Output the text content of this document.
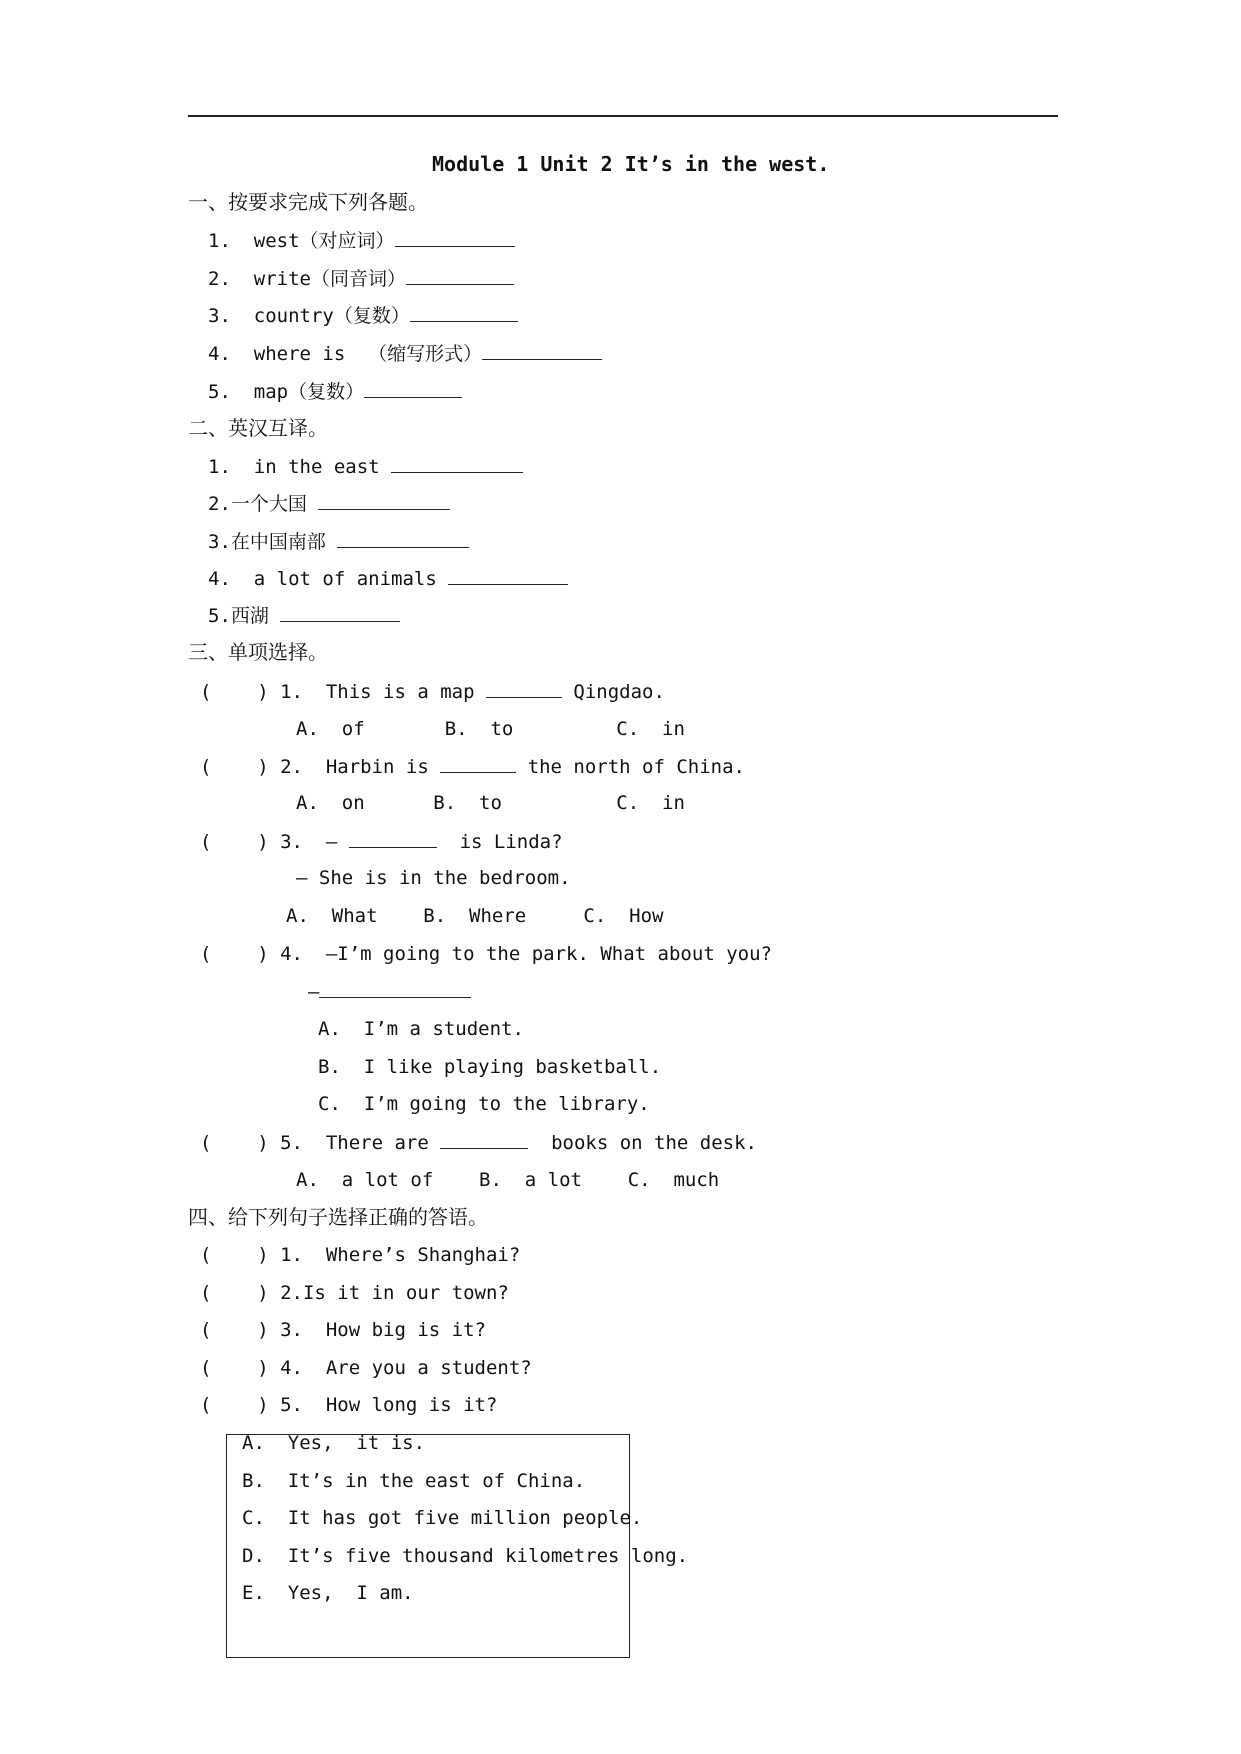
Module 1 Unit 2 It’s in the west.
一、按要求完成下列各题。
1.  west（对应词）
2.  write（同音词）
3.  country（复数）
4.  where is  （缩写形式）
5.  map（复数）
二、英汉互译。
1.  in the east
2.一个大国
3.在中国南部
4.  a lot of animals
5.西湖
三、单项选择。
(    ) 1.  This is a map	Qingdao.
A.  of       B.  to         C.  in
(    ) 2.  Harbin is	the north of China.
A.  on      B.  to          C.  in
(    ) 3.  —	is Linda?
— She is in the bedroom.
A.  What    B.  Where     C.  How
(    ) 4.  —I’m going to the park. What about you?
—
A.  I’m a student.
B.  I like playing basketball.
C.  I’m going to the library.
(    ) 5.  There are	books on the desk.
A.  a lot of    B.  a lot    C.  much
四、给下列句子选择正确的答语。
(    ) 1.  Where’s Shanghai?
(    ) 2.Is it in our town?
(    ) 3.  How big is it?
(    ) 4.  Are you a student?
(    ) 5.  How long is it?
A.  Yes,  it is.
B.  It’s in the east of China.
C.  It has got five million people.
D.  It’s five thousand kilometres long.
E.  Yes,  I am.
